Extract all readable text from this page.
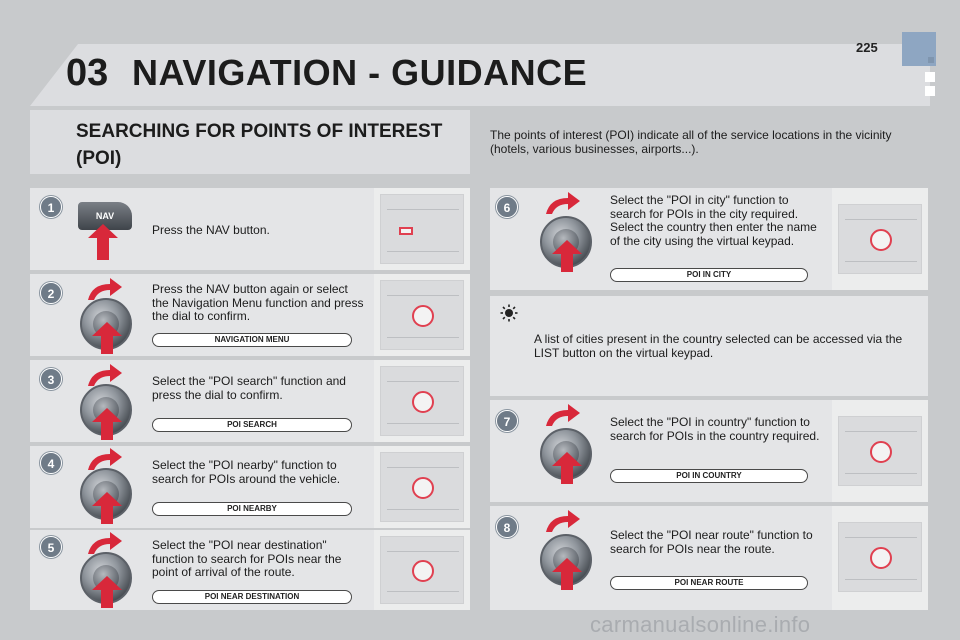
03 NAVIGATION - GUIDANCE
225
SEARCHING FOR POINTS OF INTEREST (POI)
The points of interest (POI) indicate all of the service locations in the vicinity (hotels, various businesses, airports...).
1
NAV
Press the NAV button.
2	Press the NAV button again or select the Navigation Menu function and press the dial to confirm.
NAVIGATION MENU
3	Select the "POI search" function and press the dial to confirm.
POI SEARCH
4	Select the "POI nearby" function to search for POIs around the vehicle.
POI NEARBY
5	Select the "POI near destination" function to search for POIs near the point of arrival of the route.
POI NEAR DESTINATION
6
Select the "POI in city" function to search for POIs in the city required. Select the country then enter the name of the city using the virtual keypad.
POI IN CITY
A list of cities present in the country selected can be accessed via the LIST button on the virtual keypad.
7	Select the "POI in country" function to search for POIs in the country required.
POI IN COUNTRY
8	Select the "POI near route" function to search for POIs near the route.
POI NEAR ROUTE
carmanualsonline.info
